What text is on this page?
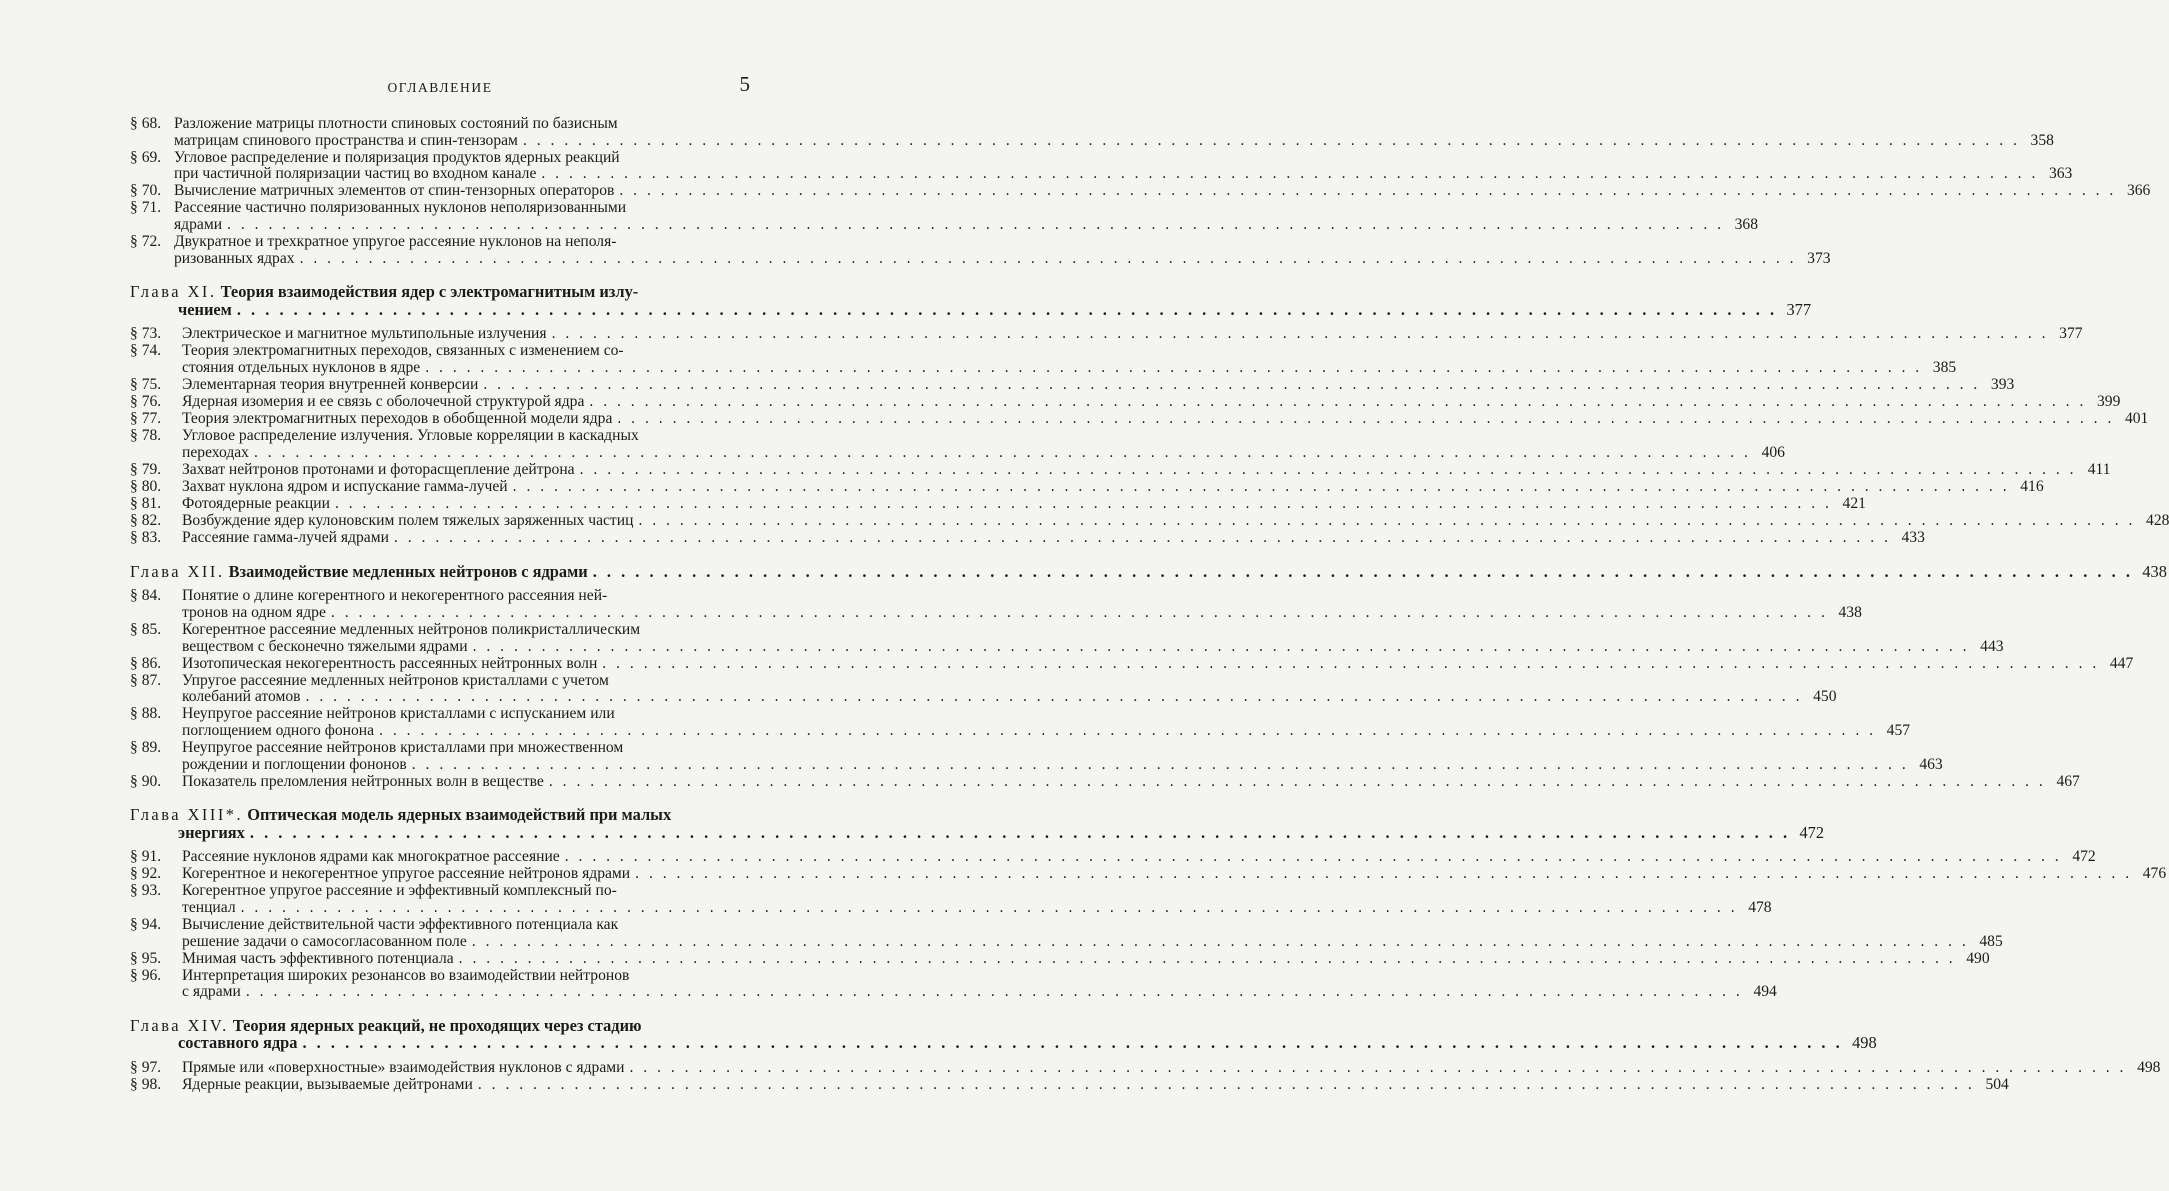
ОГЛАВЛЕНИЕ	5
§ 68. Разложение матрицы плотности спиновых состояний по базисным
матрицам спинового пространства и спин-тензорам . . .	358
§ 69. Угловое распределение и поляризация продуктов ядерных реакций
при частичной поляризации частиц во входном канале . . .	363
§ 70. Вычисление матричных элементов от спин-тензорных операторов . . .	366
§ 71. Рассеяние частично поляризованных нуклонов неполяризованными
ядрами . . .	368
§ 72. Двукратное и трехкратное упругое рассеяние нуклонов на неполя-
ризованных ядрах . . .	373
Глава XI.
Теория взаимодействия ядер с электромагнитным излу-
чением . . .	377
§ 73.	Электрическое и магнитное мультипольные излучения . . .	377
§ 74.	Теория электромагнитных переходов, связанных с изменением со-
стояния отдельных нуклонов в ядре . . .	385
§ 75.	Элементарная теория внутренней конверсии . . .	393
§ 76.	Ядерная изомерия и ее связь с оболочечной структурой ядра . . .	399
§ 77.	Теория электромагнитных переходов в обобщенной модели ядра . . .	401
§ 78.	Угловое распределение излучения. Угловые корреляции в каскадных
переходах . . .	406
§ 79.	Захват нейтронов протонами и фоторасщепление дейтрона . . .	411
§ 80.	Захват нуклона ядром и испускание гамма-лучей . . .	416
§ 81.	Фотоядерные реакции . . .	421
§ 82.	Возбуждение ядер кулоновским полем тяжелых заряженных частиц . . .	428
§ 83.	Рассеяние гамма-лучей ядрами . . .	433
Глава XII.
Взаимодействие медленных нейтронов с ядрами . . .	438
§ 84.	Понятие о длине когерентного и некогерентного рассеяния ней-
тронов на одном ядре . . .	438
§ 85.	Когерентное рассеяние медленных нейтронов поликристаллическим
веществом с бесконечно тяжелыми ядрами . . .	443
§ 86.	Изотопическая некогерентность рассеянных нейтронных волн . . .	447
§ 87.	Упругое рассеяние медленных нейтронов кристаллами с учетом
колебаний атомов . . .	450
§ 88.	Неупругое рассеяние нейтронов кристаллами с испусканием или
поглощением одного фонона . . .	457
§ 89.	Неупругое рассеяние нейтронов кристаллами при множественном
рождении и поглощении фононов . . .	463
§ 90.	Показатель преломления нейтронных волн в веществе . . .	467
Глава XIII*.
Оптическая модель ядерных взаимодействий при малых
энергиях . . .	472
§ 91.	Рассеяние нуклонов ядрами как многократное рассеяние . . .	472
§ 92.	Когерентное и некогерентное упругое рассеяние нейтронов ядрами . . .	476
§ 93.	Когерентное упругое рассеяние и эффективный комплексный по-
тенциал . . .	478
§ 94.	Вычисление действительной части эффективного потенциала как
решение задачи о самосогласованном поле . . .	485
§ 95.	Мнимая часть эффективного потенциала . . .	490
§ 96.	Интерпретация широких резонансов во взаимодействии нейтронов
с ядрами . . .	494
Глава XIV.
Теория ядерных реакций, не проходящих через стадию
составного ядра . . .	498
§ 97.	Прямые или «поверхностные» взаимодействия нуклонов с ядрами . . .	498
§ 98.	Ядерные реакции, вызываемые дейтронами . . .	504
